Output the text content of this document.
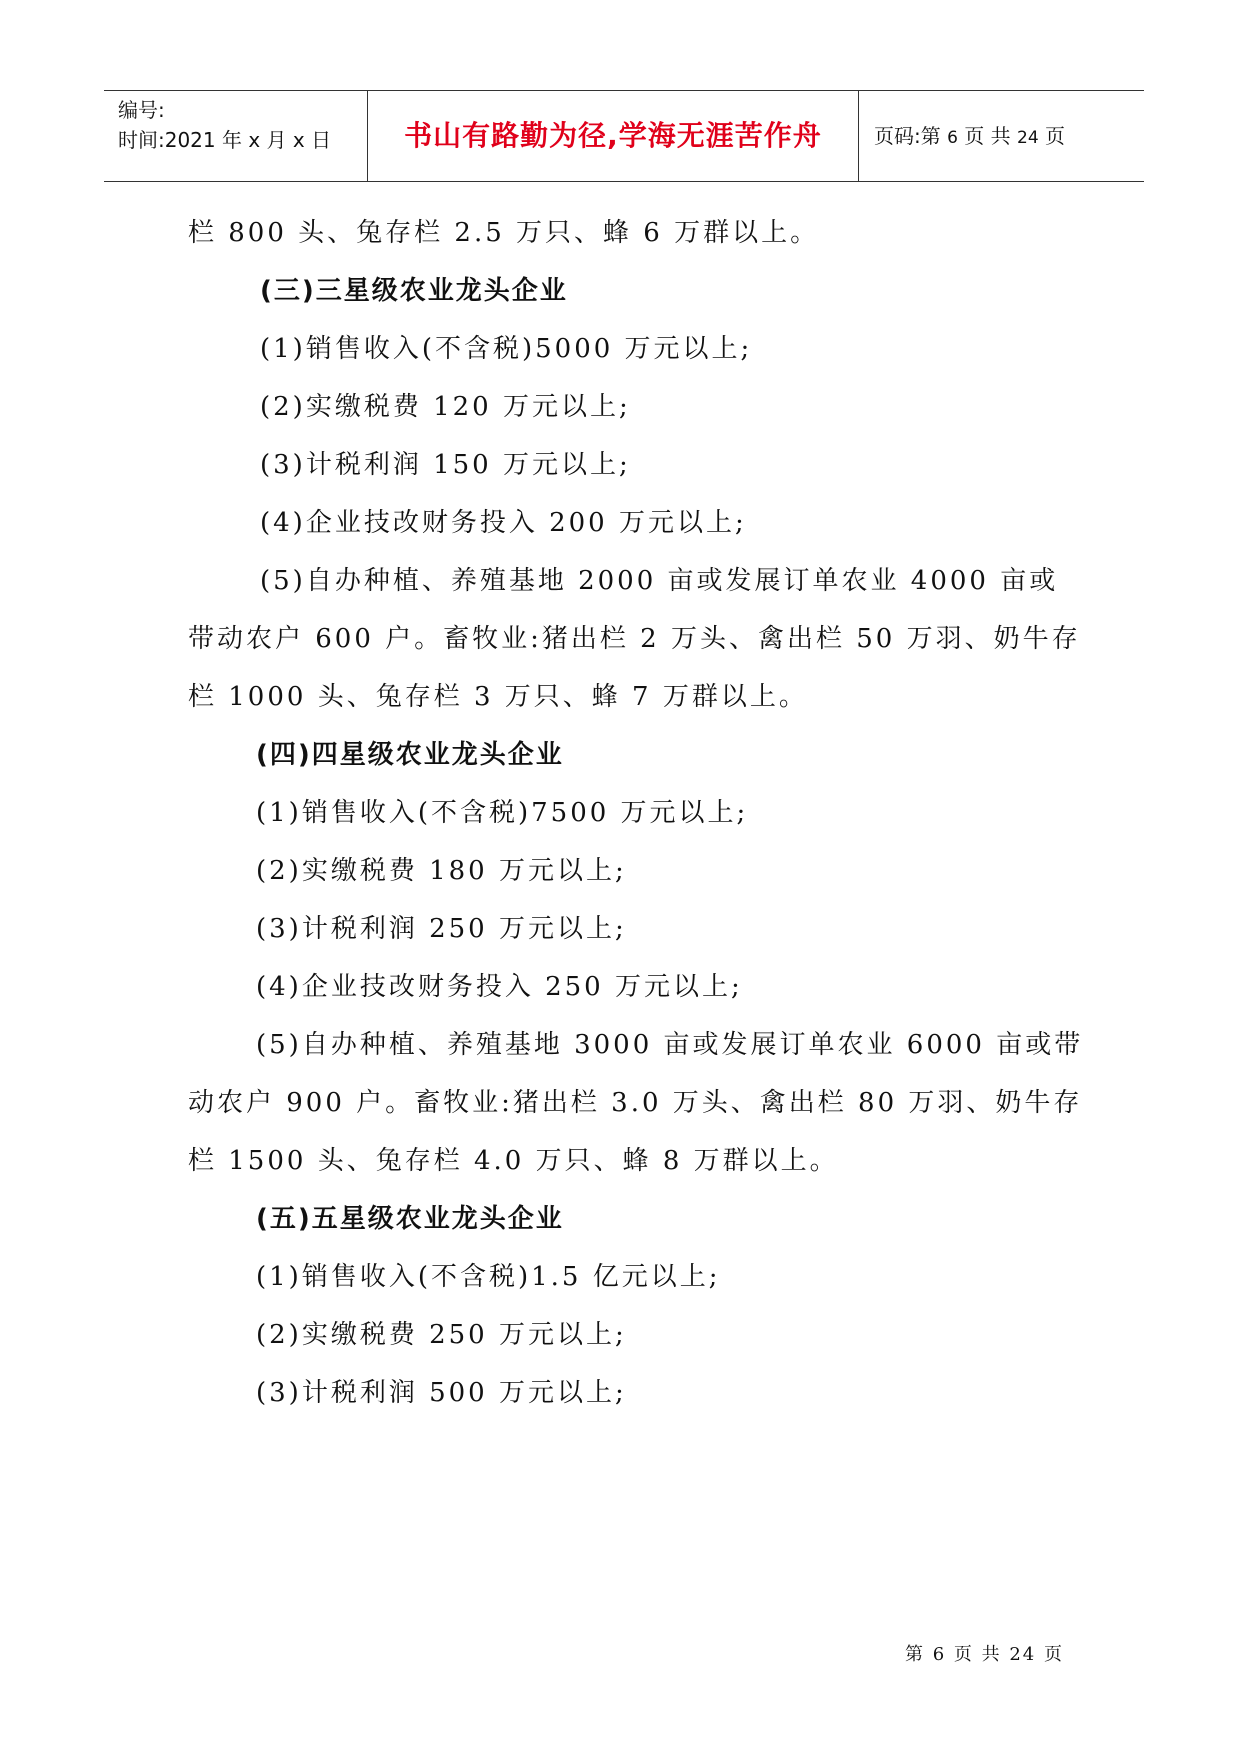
编号:
时间:2021 年 x 月 x 日	书山有路勤为径,学海无涯苦作舟	页码:第 6 页 共 24 页
栏 800 头、兔存栏 2.5 万只、蜂 6 万群以上。
(三)三星级农业龙头企业
(1)销售收入(不含税)5000 万元以上;
(2)实缴税费 120 万元以上;
(3)计税利润 150 万元以上;
(4)企业技改财务投入 200 万元以上;
(5)自办种植、养殖基地 2000 亩或发展订单农业 4000 亩或
带动农户 600 户。畜牧业:猪出栏 2 万头、禽出栏 50 万羽、奶牛存
栏 1000 头、兔存栏 3 万只、蜂 7 万群以上。
(四)四星级农业龙头企业
(1)销售收入(不含税)7500 万元以上;
(2)实缴税费 180 万元以上;
(3)计税利润 250 万元以上;
(4)企业技改财务投入 250 万元以上;
(5)自办种植、养殖基地 3000 亩或发展订单农业 6000 亩或带
动农户 900 户。畜牧业:猪出栏 3.0 万头、禽出栏 80 万羽、奶牛存
栏 1500 头、兔存栏 4.0 万只、蜂 8 万群以上。
(五)五星级农业龙头企业
(1)销售收入(不含税)1.5 亿元以上;
(2)实缴税费 250 万元以上;
(3)计税利润 500 万元以上;
第 6 页 共 24 页
